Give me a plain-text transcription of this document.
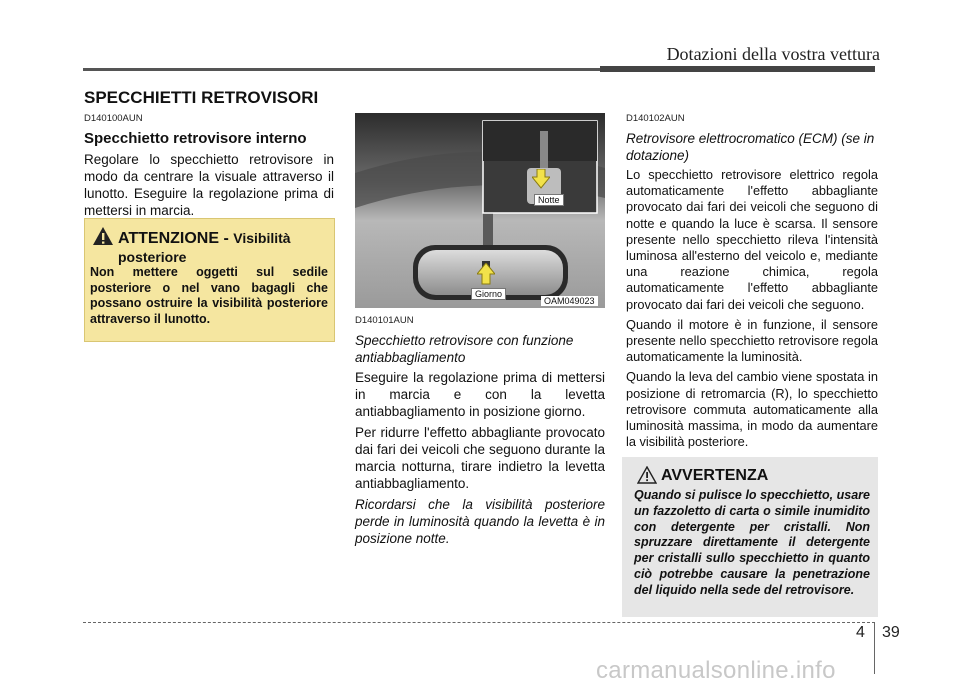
Dotazioni della vostra vettura
SPECCHIETTI RETROVISORI
D140100AUN
Specchietto retrovisore interno
Regolare lo specchietto retrovisore in modo da centrare la visuale attraverso il lunotto. Eseguire la regolazione prima di mettersi in marcia.
ATTENZIONE - Visibilità
posteriore
Non mettere oggetti sul sedile posteriore o nel vano bagagli che possano ostruire la visibilità posteriore attraverso il lunotto.
Notte
Giorno
OAM049023
D140101AUN
Specchietto retrovisore con funzione antiabbagliamento
Eseguire la regolazione prima di mettersi in marcia e con la levetta antiabbagliamento in posizione giorno.
Per ridurre l'effetto abbagliante provocato dai fari dei veicoli che seguono durante la marcia notturna, tirare indietro la levetta antiabbagliamento.
Ricordarsi che la visibilità posteriore perde in luminosità quando la levetta è in posizione notte.
D140102AUN
Retrovisore elettrocromatico (ECM) (se in dotazione)
Lo specchietto retrovisore elettrico regola automaticamente l'effetto abbagliante provocato dai fari dei veicoli che seguono di notte e quando la luce è scarsa. Il sensore presente nello specchietto rileva l'intensità luminosa all'esterno del veicolo e, mediante una reazione chimica, regola automaticamente l'effetto abbagliante provocato dai fari dei veicoli che seguono.
Quando il motore è in funzione, il sensore presente nello specchietto retrovisore regola automaticamente la luminosità.
Quando la leva del cambio viene spostata in posizione di retromarcia (R), lo specchietto retrovisore commuta automaticamente alla luminosità massima, in modo da aumentare la visibilità posteriore.
AVVERTENZA
Quando si pulisce lo specchietto, usare un fazzoletto di carta o simile inumidito con detergente per cristalli. Non spruzzare direttamente il detergente per cristalli sullo specchietto in quanto ciò potrebbe causare la penetrazione del liquido nella sede del retrovisore.
4 39
carmanualsonline.info
